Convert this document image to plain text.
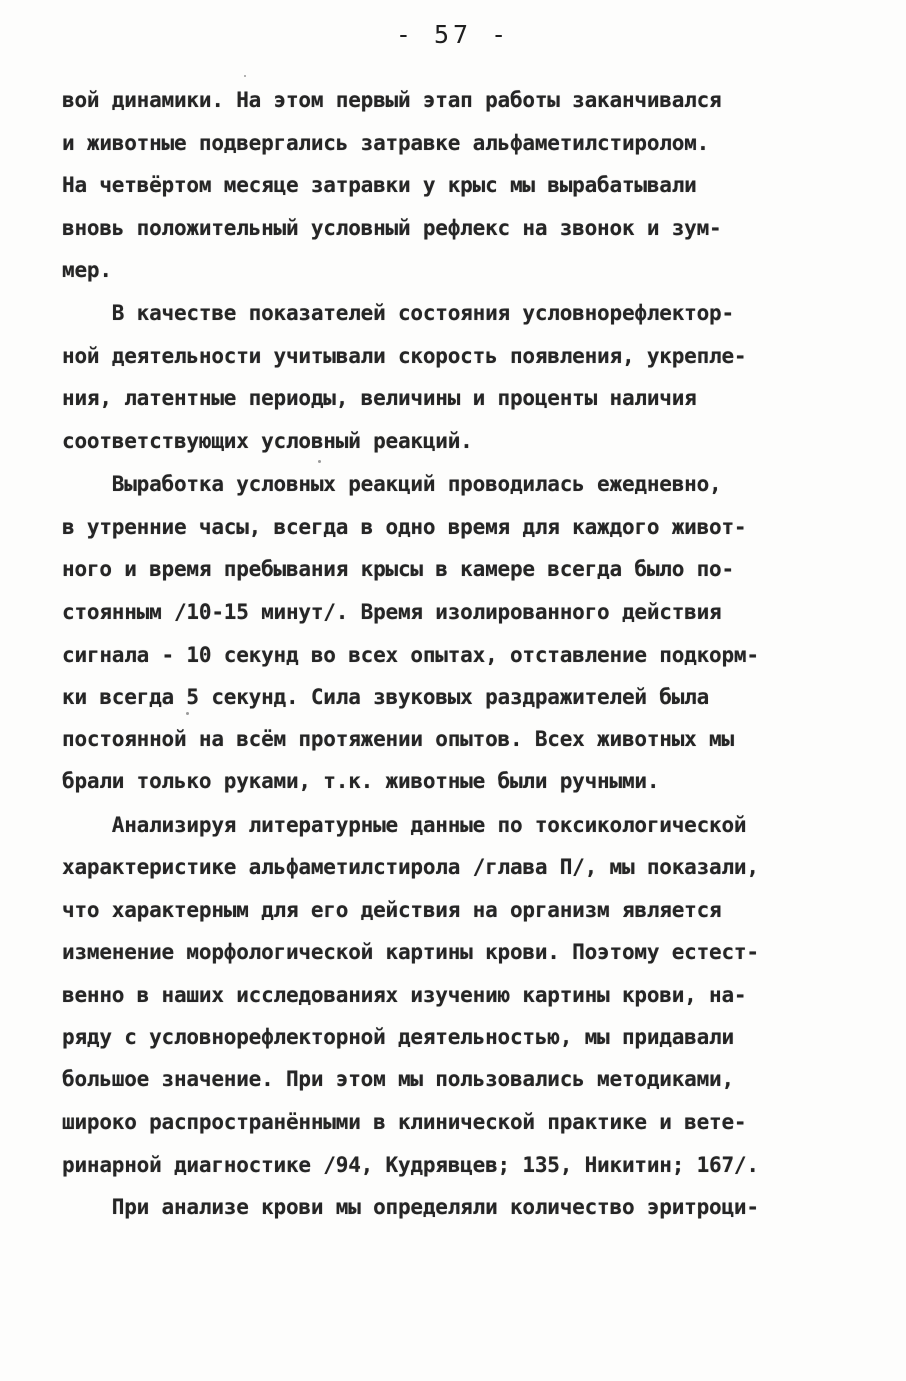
- 57 -
вой динамики. На этом первый этап работы заканчивался
и животные подвергались затравке альфаметилстиролом.
На четвёртом месяце затравки у крыс мы вырабатывали
вновь положительный условный рефлекс на звонок и зум-
мер.
В качестве показателей состояния условнорефлектор-
ной деятельности учитывали скорость появления, укрепле-
ния, латентные периоды, величины и проценты наличия
соответствующих условный реакций.
Выработка условных реакций проводилась ежедневно,
в утренние часы, всегда в одно время для каждого живот-
ного и время пребывания крысы в камере всегда было по-
стоянным /10-15 минут/. Время изолированного действия
сигнала - 10 секунд во всех опытах, отставление подкорм-
ки всегда 5 секунд. Сила звуковых раздражителей была
постоянной на всём протяжении опытов. Всех животных мы
брали только руками, т.к. животные были ручными.
Анализируя литературные данные по токсикологической
характеристике альфаметилстирола /глава П/, мы показали,
что характерным для его действия на организм является
изменение морфологической картины крови. Поэтому естест-
венно в наших исследованиях изучению картины крови, на-
ряду с условнорефлекторной деятельностью, мы придавали
большое значение. При этом мы пользовались методиками,
широко распространёнными в клинической практике и вете-
ринарной диагностике /94, Кудрявцев; 135, Никитин; 167/.
При анализе крови мы определяли количество эритроци-
